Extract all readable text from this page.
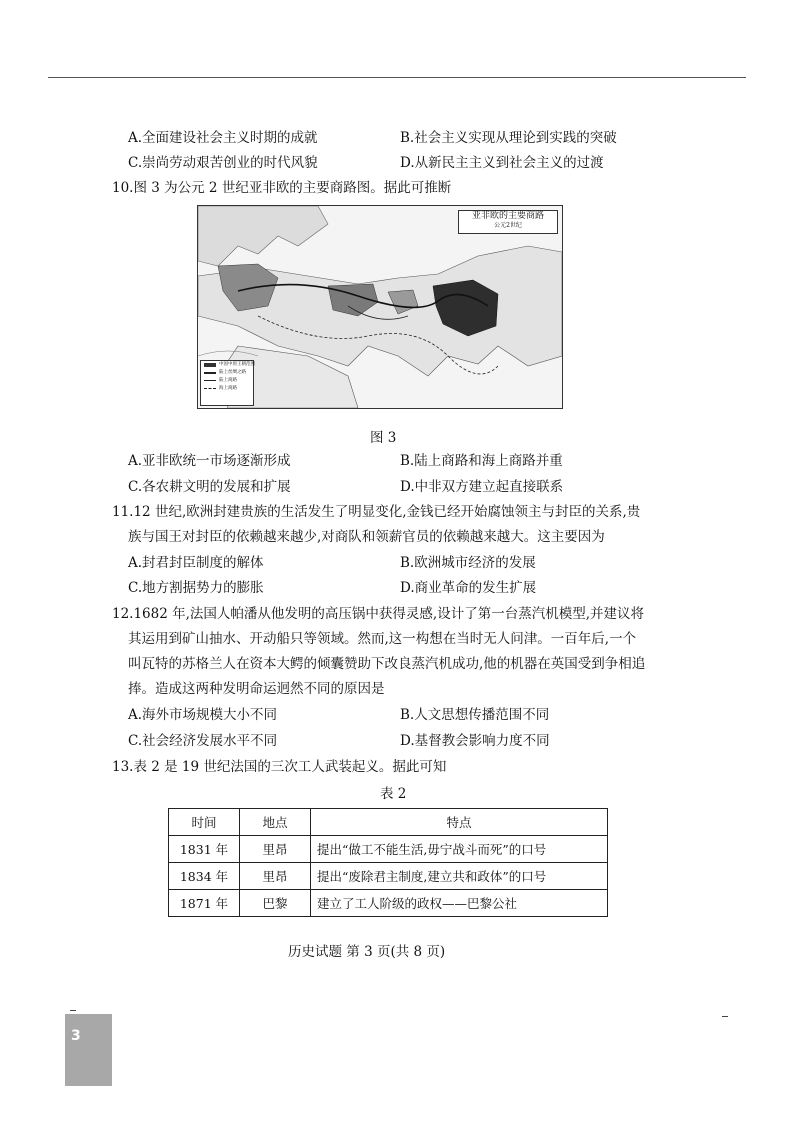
A.全面建设社会主义时期的成就	B.社会主义实现从理论到实践的突破
C.崇尚劳动艰苦创业的时代风貌	D.从新民主主义到社会主义的过渡
10.图 3 为公元 2 世纪亚非欧的主要商路图。据此可推断
亚非欧的主要商路
公元2世纪
中国中原王朝范围
陆上丝绸之路
陆上商路
海上商路
图 3
A.亚非欧统一市场逐渐形成	B.陆上商路和海上商路并重
C.各农耕文明的发展和扩展	D.中非双方建立起直接联系
11.12 世纪,欧洲封建贵族的生活发生了明显变化,金钱已经开始腐蚀领主与封臣的关系,贵族与国王对封臣的依赖越来越少,对商队和领薪官员的依赖越来越大。这主要因为
A.封君封臣制度的解体	B.欧洲城市经济的发展
C.地方割据势力的膨胀	D.商业革命的发生扩展
12.1682 年,法国人帕潘从他发明的高压锅中获得灵感,设计了第一台蒸汽机模型,并建议将其运用到矿山抽水、开动船只等领域。然而,这一构想在当时无人问津。一百年后,一个叫瓦特的苏格兰人在资本大鳄的倾囊赞助下改良蒸汽机成功,他的机器在英国受到争相追捧。造成这两种发明命运迥然不同的原因是
A.海外市场规模大小不同	B.人文思想传播范围不同
C.社会经济发展水平不同	D.基督教会影响力度不同
13.表 2 是 19 世纪法国的三次工人武装起义。据此可知
表 2
时间	地点	特点
1831 年	里昂	提出“做工不能生活,毋宁战斗而死”的口号
1834 年	里昂	提出“废除君主制度,建立共和政体”的口号
1871 年	巴黎	建立了工人阶级的政权——巴黎公社
历史试题 第 3 页(共 8 页)
3
